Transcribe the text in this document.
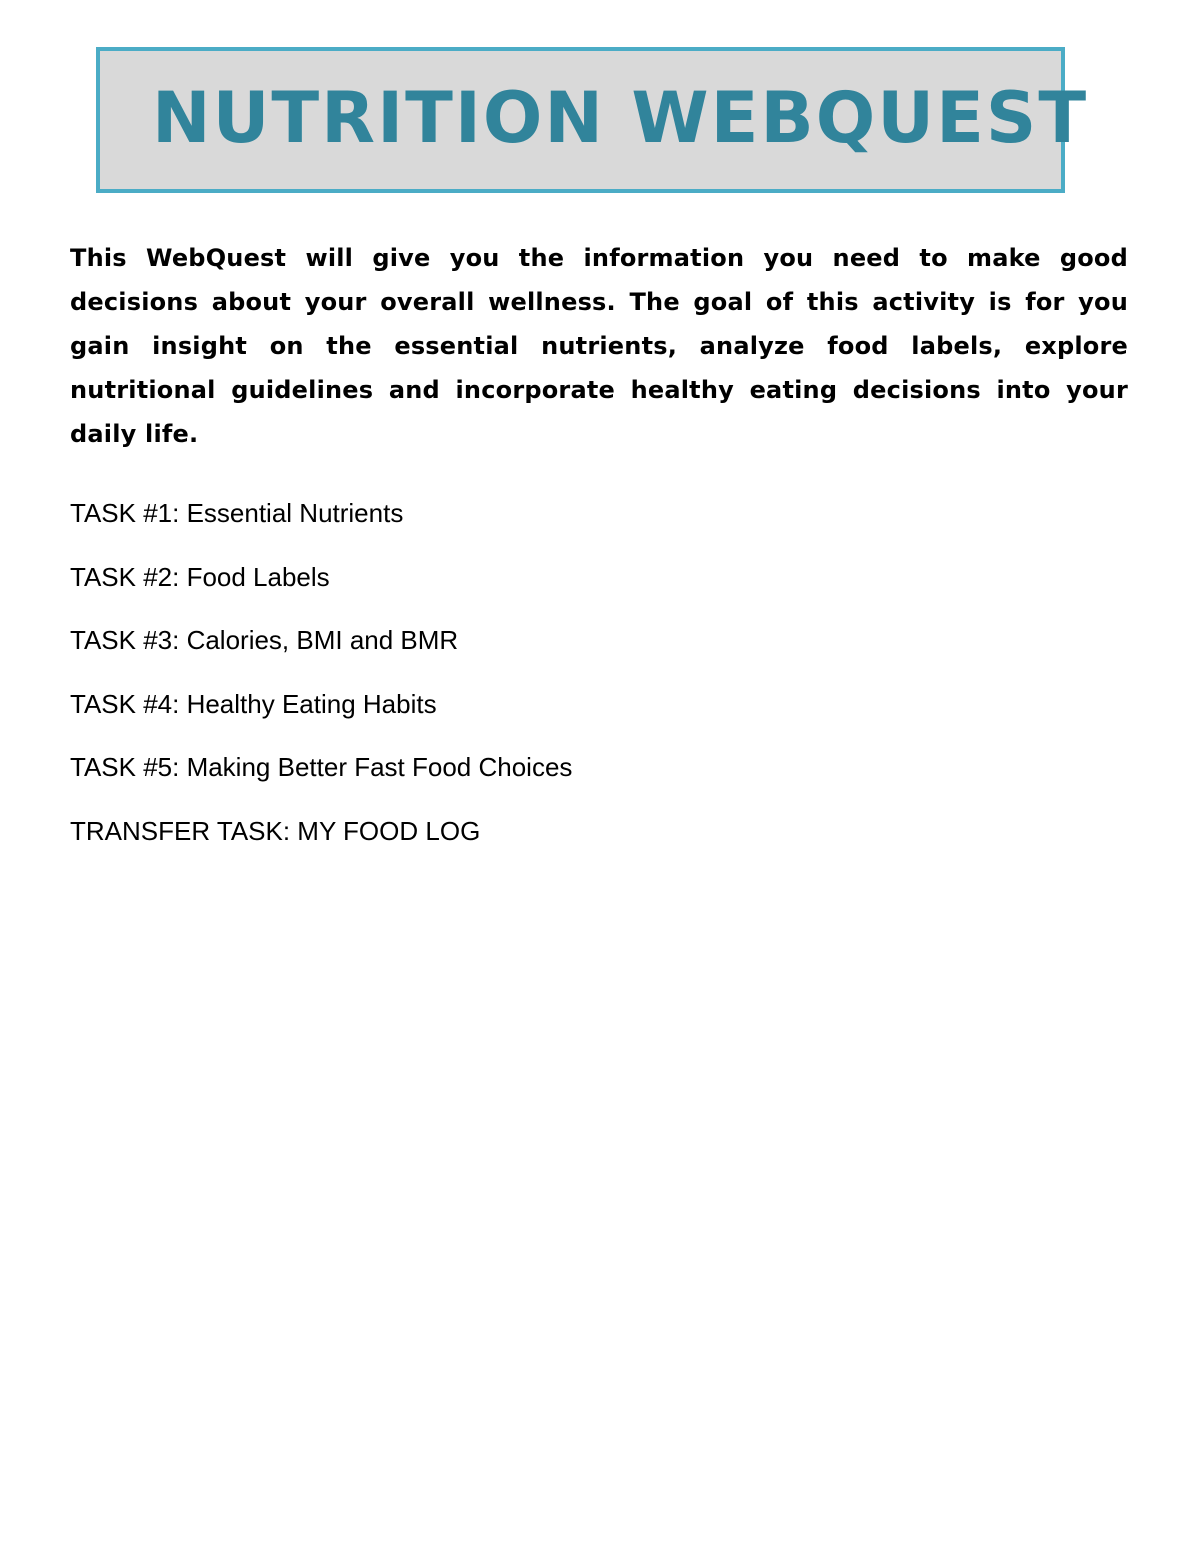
NUTRITION WEBQUEST

This WebQuest will give you the information you need to make good decisions about your overall wellness. The goal of this activity is for you gain insight on the essential nutrients, analyze food labels, explore nutritional guidelines and incorporate healthy eating decisions into your daily life.

TASK #1: Essential Nutrients
TASK #2: Food Labels
TASK #3: Calories, BMI and BMR
TASK #4: Healthy Eating Habits
TASK #5: Making Better Fast Food Choices
TRANSFER TASK: MY FOOD LOG
